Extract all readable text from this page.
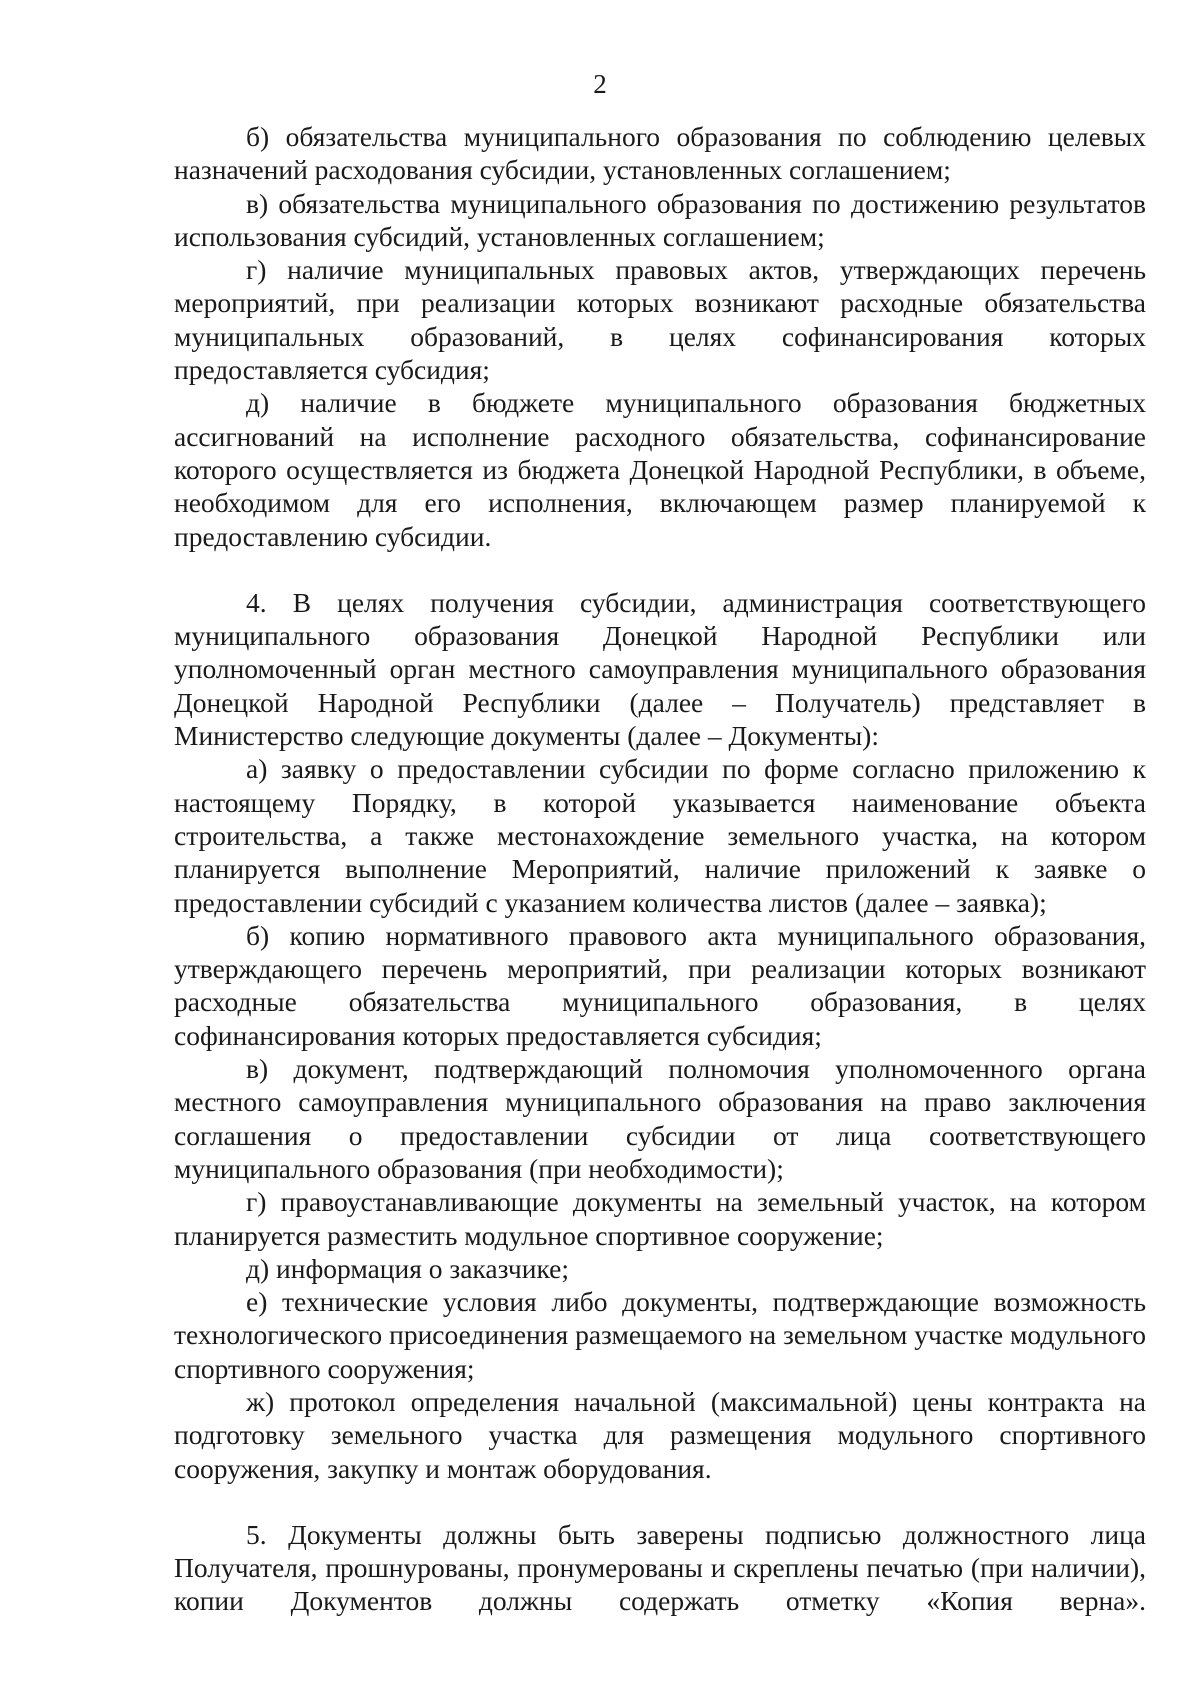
2

б) обязательства муниципального образования по соблюдению целевых назначений расходования субсидии, установленных соглашением;

в) обязательства муниципального образования по достижению результатов использования субсидий, установленных соглашением;

г) наличие муниципальных правовых актов, утверждающих перечень мероприятий, при реализации которых возникают расходные обязательства муниципальных образований, в целях софинансирования которых предоставляется субсидия;

д) наличие в бюджете муниципального образования бюджетных ассигнований на исполнение расходного обязательства, софинансирование которого осуществляется из бюджета Донецкой Народной Республики, в объеме, необходимом для его исполнения, включающем размер планируемой к предоставлению субсидии.

4. В целях получения субсидии, администрация соответствующего муниципального образования Донецкой Народной Республики или уполномоченный орган местного самоуправления муниципального образования Донецкой Народной Республики (далее – Получатель) представляет в Министерство следующие документы (далее – Документы):

а) заявку о предоставлении субсидии по форме согласно приложению к настоящему Порядку, в которой указывается наименование объекта строительства, а также местонахождение земельного участка, на котором планируется выполнение Мероприятий, наличие приложений к заявке о предоставлении субсидий с указанием количества листов (далее – заявка);

б) копию нормативного правового акта муниципального образования, утверждающего перечень мероприятий, при реализации которых возникают расходные обязательства муниципального образования, в целях софинансирования которых предоставляется субсидия;

в) документ, подтверждающий полномочия уполномоченного органа местного самоуправления муниципального образования на право заключения соглашения о предоставлении субсидии от лица соответствующего муниципального образования (при необходимости);

г) правоустанавливающие документы на земельный участок, на котором планируется разместить модульное спортивное сооружение;

д) информация о заказчике;

е) технические условия либо документы, подтверждающие возможность технологического присоединения размещаемого на земельном участке модульного спортивного сооружения;

ж) протокол определения начальной (максимальной) цены контракта на подготовку земельного участка для размещения модульного спортивного сооружения, закупку и монтаж оборудования.

5. Документы должны быть заверены подписью должностного лица Получателя, прошнурованы, пронумерованы и скреплены печатью (при наличии), копии Документов должны содержать отметку «Копия верна».
